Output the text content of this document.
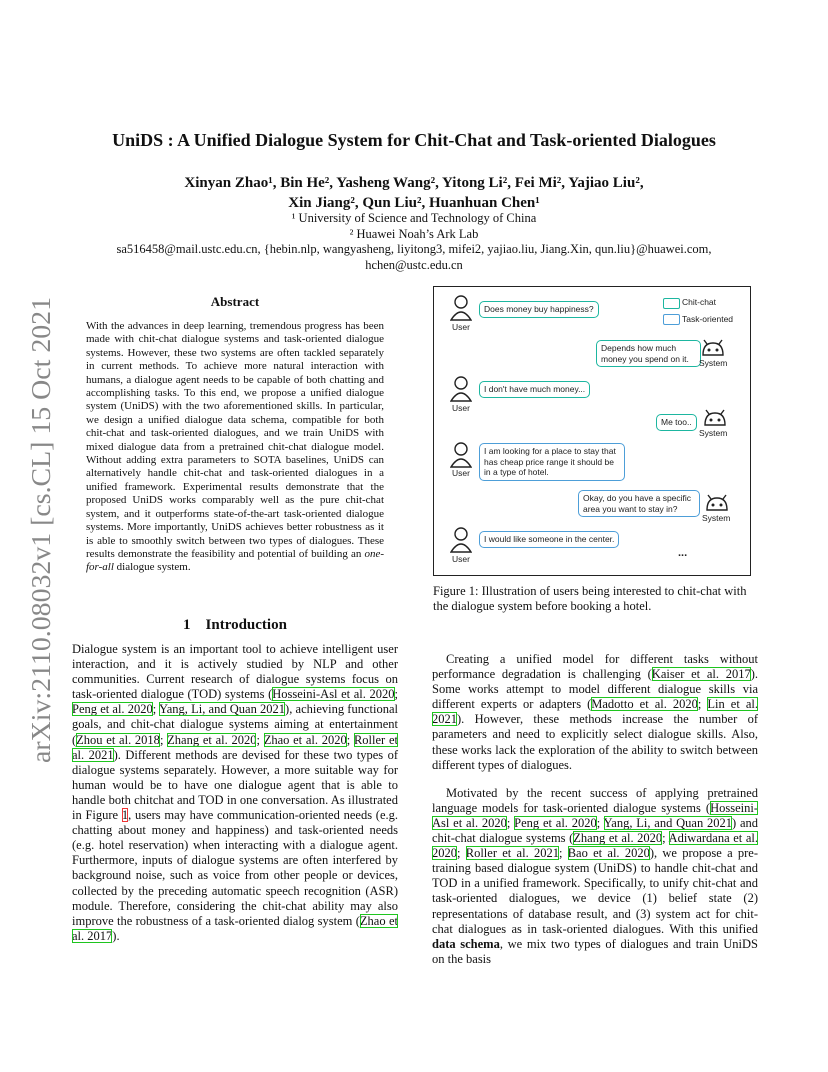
arXiv:2110.08032v1 [cs.CL] 15 Oct 2021
UniDS : A Unified Dialogue System for Chit-Chat and Task-oriented Dialogues
Xinyan Zhao¹, Bin He², Yasheng Wang², Yitong Li², Fei Mi², Yajiao Liu²,
Xin Jiang², Qun Liu², Huanhuan Chen¹
¹ University of Science and Technology of China
² Huawei Noah’s Ark Lab
sa516458@mail.ustc.edu.cn, {hebin.nlp, wangyasheng, liyitong3, mifei2, yajiao.liu, Jiang.Xin, qun.liu}@huawei.com,
hchen@ustc.edu.cn
Abstract
With the advances in deep learning, tremendous progress has been made with chit-chat dialogue systems and task-oriented dialogue systems. However, these two systems are often tackled separately in current methods. To achieve more natural interaction with humans, a dialogue agent needs to be capable of both chatting and accomplishing tasks. To this end, we propose a unified dialogue system (UniDS) with the two aforementioned skills. In particular, we design a unified dialogue data schema, compatible for both chit-chat and task-oriented dialogues, and we train UniDS with mixed dialogue data from a pretrained chit-chat dialogue model. Without adding extra parameters to SOTA baselines, UniDS can alternatively handle chit-chat and task-oriented dialogues in a unified framework. Experimental results demonstrate that the proposed UniDS works comparably well as the pure chit-chat system, and it outperforms state-of-the-art task-oriented dialogue systems. More importantly, UniDS achieves better robustness as it is able to smoothly switch between two types of dialogues. These results demonstrate the feasibility and potential of building an one-for-all dialogue system.
1 Introduction

Dialogue system is an important tool to achieve intelligent user interaction, and it is actively studied by NLP and other communities. Current research of dialogue systems focus on task-oriented dialogue (TOD) systems (Hosseini-Asl et al. 2020; Peng et al. 2020; Yang, Li, and Quan 2021), achieving functional goals, and chit-chat dialogue systems aiming at entertainment (Zhou et al. 2018; Zhang et al. 2020; Zhao et al. 2020; Roller et al. 2021). Different methods are devised for these two types of dialogue systems separately. However, a more suitable way for human would be to have one dialogue agent that is able to handle both chitchat and TOD in one conversation. As illustrated in Figure 1, users may have communication-oriented needs (e.g. chatting about money and happiness) and task-oriented needs (e.g. hotel reservation) when interacting with a dialogue agent. Furthermore, inputs of dialogue systems are often interfered by background noise, such as voice from other people or devices, collected by the preceding automatic speech recognition (ASR) module. Therefore, considering the chit-chat ability may also improve the robustness of a task-oriented dialog system (Zhao et al. 2017).

Chit-chat
Task-oriented
User
Does money buy happiness?
Depends how much money you spend on it.	System
User
I don't have much money...
Me too..
System
User
I am looking for a place to stay that has cheap price range it should be in a type of hotel.
Okay, do you have a specific area you want to stay in?
System
User
I would like someone in the center.
...
Figure 1: Illustration of users being interested to chit-chat with the dialogue system before booking a hotel.

Creating a unified model for different tasks without performance degradation is challenging (Kaiser et al. 2017). Some works attempt to model different dialogue skills via different experts or adapters (Madotto et al. 2020; Lin et al. 2021). However, these methods increase the number of parameters and need to explicitly select dialogue skills. Also, these works lack the exploration of the ability to switch between different types of dialogues.

Motivated by the recent success of applying pretrained language models for task-oriented dialogue systems (Hosseini-Asl et al. 2020; Peng et al. 2020; Yang, Li, and Quan 2021) and chit-chat dialogue systems (Zhang et al. 2020; Adiwardana et al. 2020; Roller et al. 2021; Bao et al. 2020), we propose a pre-training based dialogue system (UniDS) to handle chit-chat and TOD in a unified framework. Specifically, to unify chit-chat and task-oriented dialogues, we device (1) belief state (2) representations of database result, and (3) system act for chit-chat dialogues as in task-oriented dialogues. With this unified data schema, we mix two types of dialogues and train UniDS on the basis
